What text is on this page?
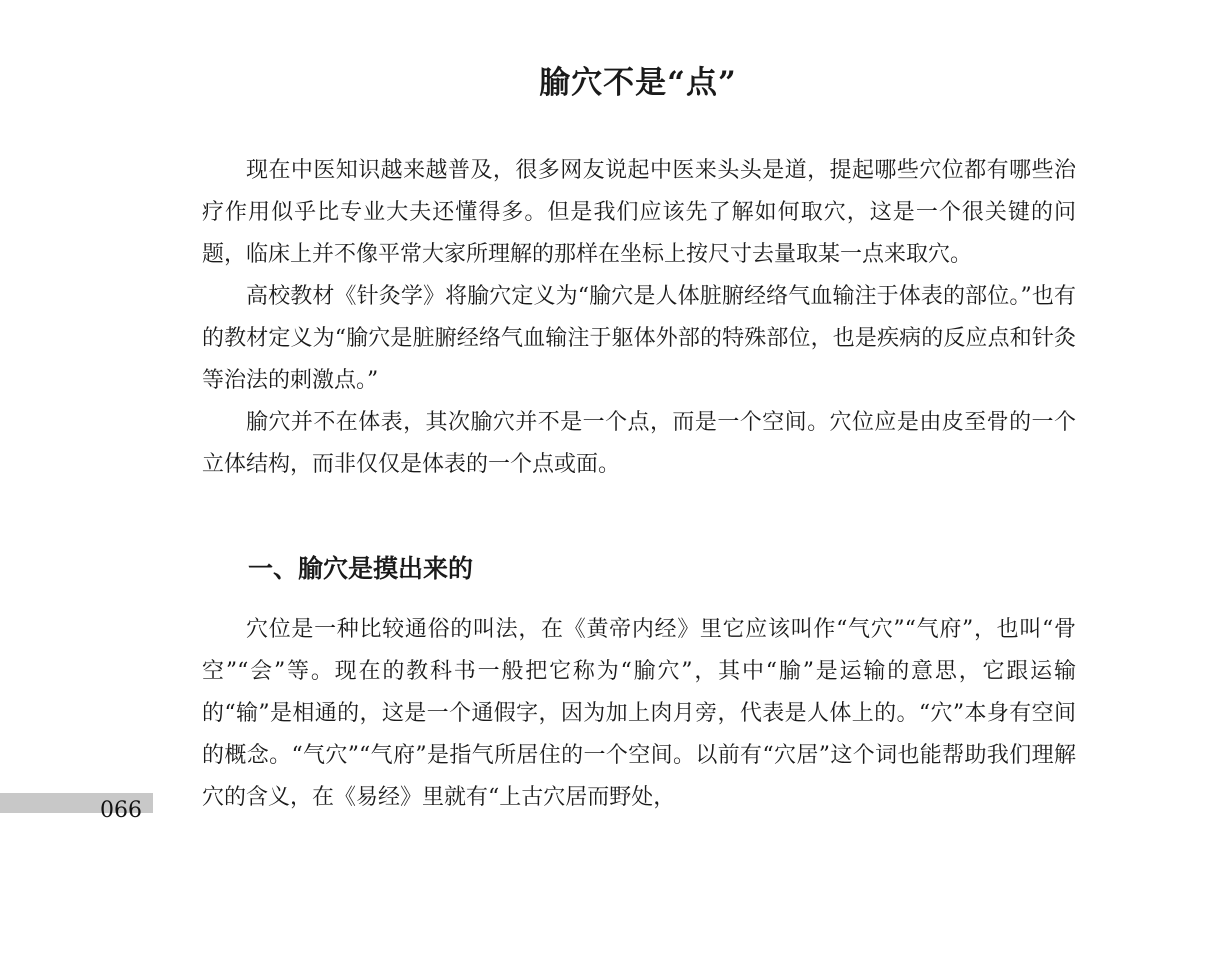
腧穴不是“点”

现在中医知识越来越普及，很多网友说起中医来头头是道，提起哪些穴位都有哪些治疗作用似乎比专业大夫还懂得多。但是我们应该先了解如何取穴，这是一个很关键的问题，临床上并不像平常大家所理解的那样在坐标上按尺寸去量取某一点来取穴。

高校教材《针灸学》将腧穴定义为“腧穴是人体脏腑经络气血输注于体表的部位。”也有的教材定义为“腧穴是脏腑经络气血输注于躯体外部的特殊部位，也是疾病的反应点和针灸等治法的刺激点。”

腧穴并不在体表，其次腧穴并不是一个点，而是一个空间。穴位应是由皮至骨的一个立体结构，而非仅仅是体表的一个点或面。

一、腧穴是摸出来的

穴位是一种比较通俗的叫法，在《黄帝内经》里它应该叫作“气穴”“气府”，也叫“骨空”“会”等。现在的教科书一般把它称为“腧穴”，其中“腧”是运输的意思，它跟运输的“输”是相通的，这是一个通假字，因为加上肉月旁，代表是人体上的。“穴”本身有空间的概念。“气穴”“气府”是指气所居住的一个空间。以前有“穴居”这个词也能帮助我们理解穴的含义，在《易经》里就有“上古穴居而野处，

066
